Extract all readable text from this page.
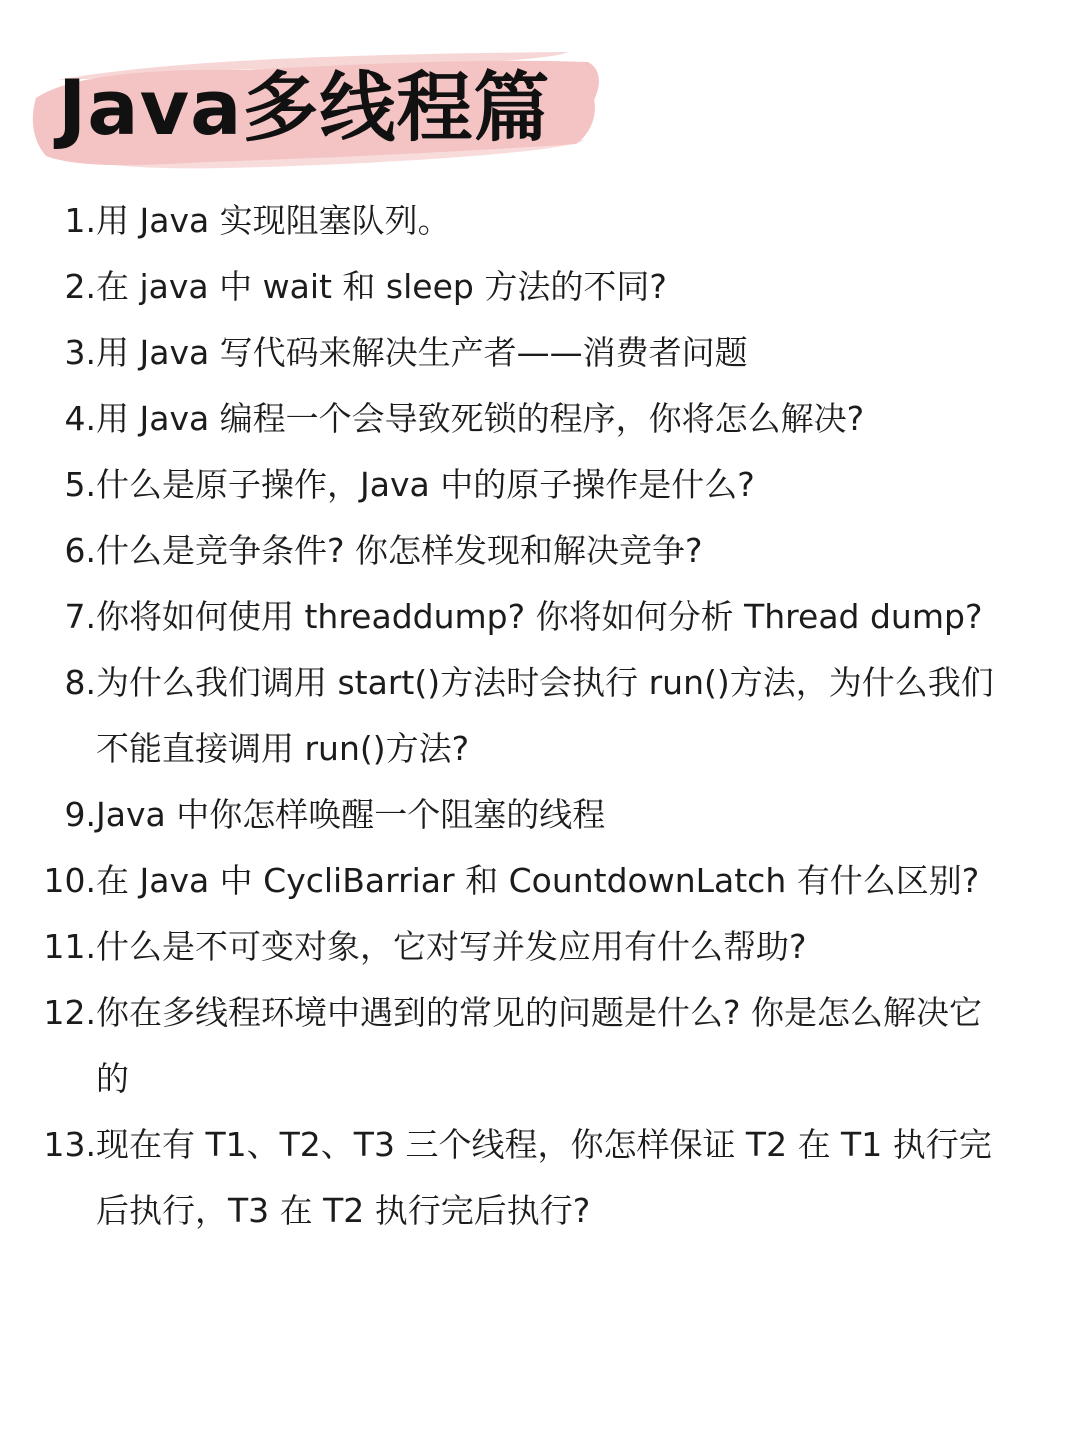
Java多线程篇
1. 用 Java 实现阻塞队列。
2. 在 java 中 wait 和 sleep 方法的不同?
3. 用 Java 写代码来解决生产者——消费者问题
4. 用 Java 编程一个会导致死锁的程序，你将怎么解决?
5. 什么是原子操作，Java 中的原子操作是什么?
6. 什么是竞争条件? 你怎样发现和解决竞争?
7. 你将如何使用 threaddump? 你将如何分析 Thread dump?
8. 为什么我们调用 start()方法时会执行 run()方法，为什么我们不能直接调用 run()方法?
9. Java 中你怎样唤醒一个阻塞的线程
10. 在 Java 中 CycliBarriar 和 CountdownLatch 有什么区别?
11. 什么是不可变对象，它对写并发应用有什么帮助?
12. 你在多线程环境中遇到的常见的问题是什么? 你是怎么解决它的
13. 现在有 T1、T2、T3 三个线程，你怎样保证 T2 在 T1 执行完后执行，T3 在 T2 执行完后执行?
